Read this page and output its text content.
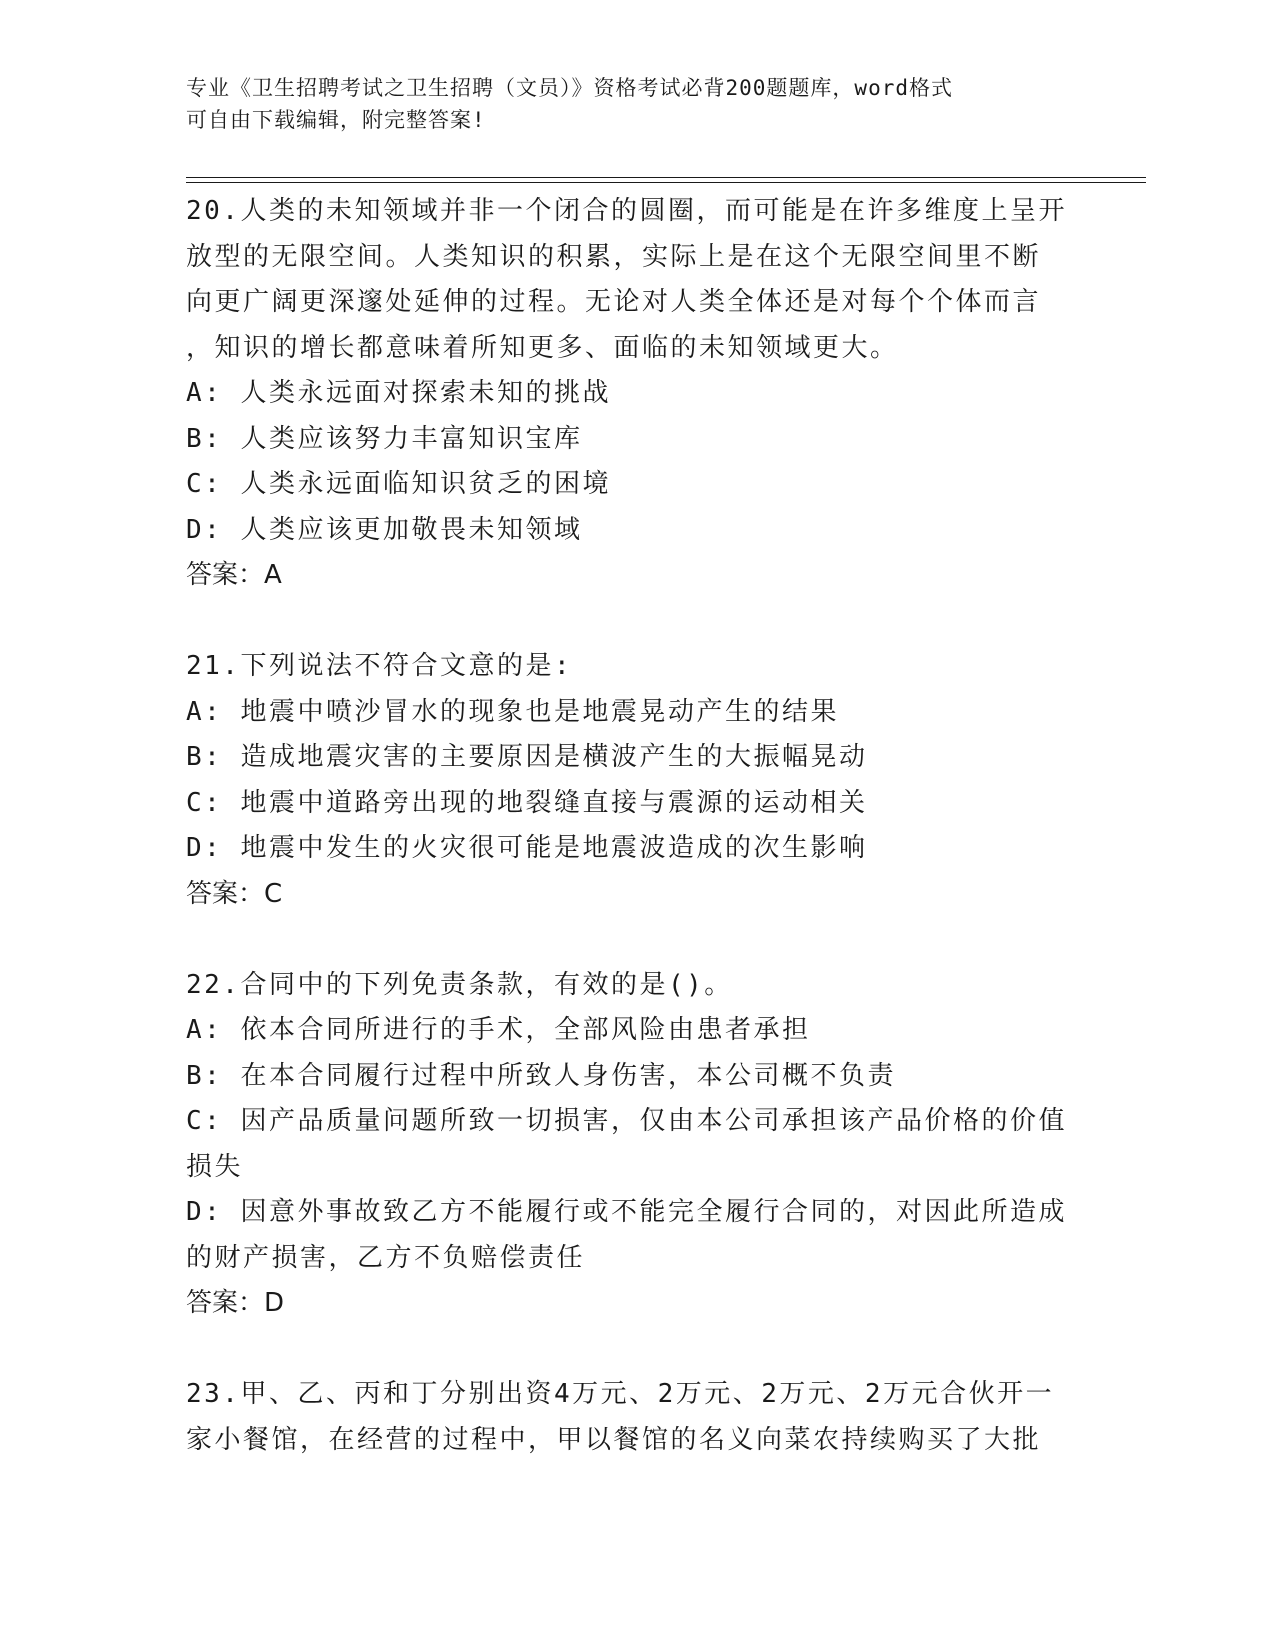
专业《卫生招聘考试之卫生招聘（文员）》资格考试必背200题题库，word格式
可自由下载编辑，附完整答案!

20.人类的未知领域并非一个闭合的圆圈，而可能是在许多维度上呈开

放型的无限空间。人类知识的积累，实际上是在这个无限空间里不断

向更广阔更深邃处延伸的过程。无论对人类全体还是对每个个体而言

，知识的增长都意味着所知更多、面临的未知领域更大。

A: 人类永远面对探索未知的挑战

B: 人类应该努力丰富知识宝库

C: 人类永远面临知识贫乏的困境

D: 人类应该更加敬畏未知领域

答案：A

21.下列说法不符合文意的是:

A: 地震中喷沙冒水的现象也是地震晃动产生的结果

B: 造成地震灾害的主要原因是横波产生的大振幅晃动

C: 地震中道路旁出现的地裂缝直接与震源的运动相关

D: 地震中发生的火灾很可能是地震波造成的次生影响

答案：C

22.合同中的下列免责条款，有效的是()。

A: 依本合同所进行的手术，全部风险由患者承担

B: 在本合同履行过程中所致人身伤害，本公司概不负责

C: 因产品质量问题所致一切损害，仅由本公司承担该产品价格的价值

损失

D: 因意外事故致乙方不能履行或不能完全履行合同的，对因此所造成

的财产损害，乙方不负赔偿责任

答案：D

23.甲、乙、丙和丁分别出资4万元、2万元、2万元、2万元合伙开一

家小餐馆，在经营的过程中，甲以餐馆的名义向菜农持续购买了大批
